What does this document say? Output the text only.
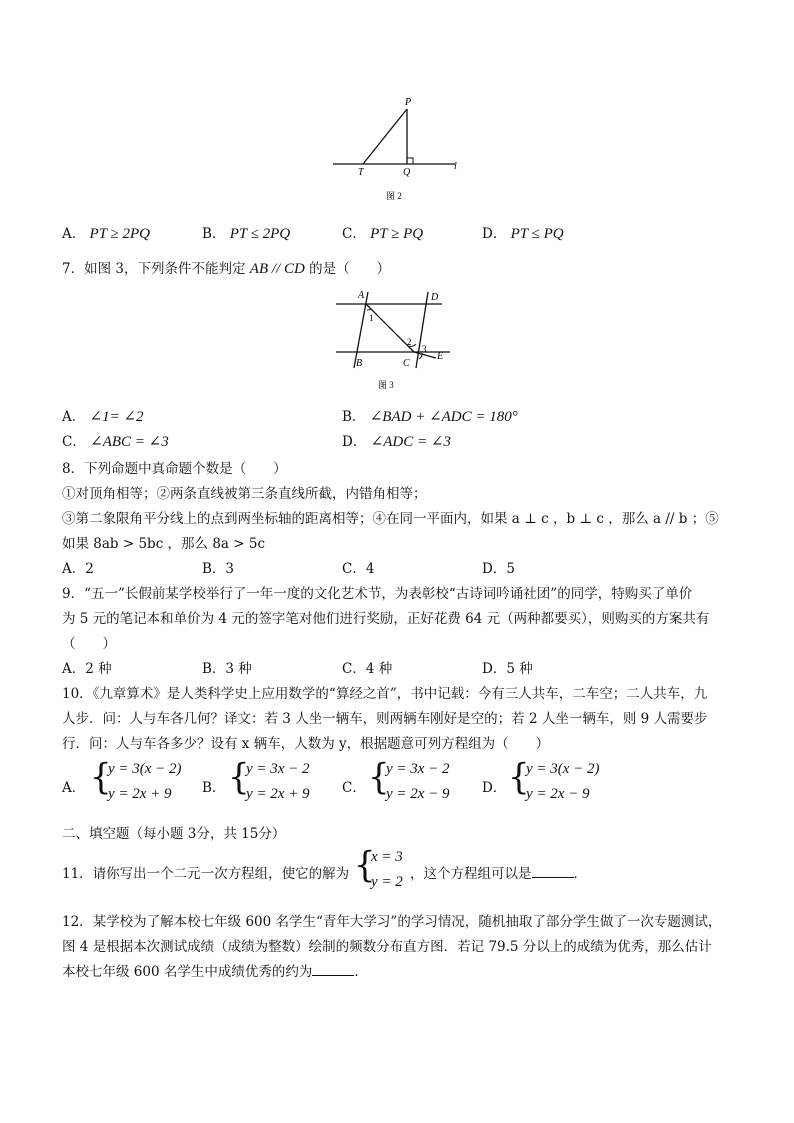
P
T	Q
l
图 2
A． PT ≥ 2PQ	B． PT ≤ 2PQ	C． PT ≥ PQ	D． PT ≤ PQ
7．如图 3，下列条件不能判定 AB // CD 的是（　　）
A	D
B	C
E
1
2
3
图 3
A． ∠1= ∠2	B． ∠BAD + ∠ADC = 180°
C． ∠ABC = ∠3	D． ∠ADC = ∠3
8．下列命题中真命题个数是（　　）
①对顶角相等；②两条直线被第三条直线所截，内错角相等；
③第二象限角平分线上的点到两坐标轴的距离相等；④在同一平面内，如果 a ⊥ c ，b ⊥ c ，那么 a // b ；⑤
如果 8ab > 5bc ，那么 8a > 5c
A．2	B．3	C．4	D．5
9．“五一”长假前某学校举行了一年一度的文化艺术节，为表彰校“古诗词吟诵社团”的同学，特购买了单价
为 5 元的笔记本和单价为 4 元的签字笔对他们进行奖励，正好花费 64 元（两种都要买），则购买的方案共有
（　　）
A．2 种	B．3 种	C．4 种	D．5 种
10．《九章算术》是人类科学史上应用数学的“算经之首”，书中记载：今有三人共车，二车空；二人共车，九
人步．问：人与车各几何？译文：若 3 人坐一辆车，则两辆车刚好是空的；若 2 人坐一辆车，则 9 人需要步
行．问：人与车各多少？设有 x 辆车，人数为 y，根据题意可列方程组为（　　）
A． {
y = 3(x − 2)
y = 2x + 9 B． {
y = 3x − 2
y = 2x + 9 C． {
y = 3x − 2
y = 2x − 9 D． {
y = 3(x − 2)
y = 2x − 9
二、填空题（每小题 3分，共 15分）
11．请你写出一个二元一次方程组，使它的解为 {
x = 3
y = 2 ，这个方程组可以是	．
12．某学校为了解本校七年级 600 名学生“青年大学习”的学习情况，随机抽取了部分学生做了一次专题测试，
图 4 是根据本次测试成绩（成绩为整数）绘制的频数分布直方图．若记 79.5 分以上的成绩为优秀，那么估计
本校七年级 600 名学生中成绩优秀的约为	．
